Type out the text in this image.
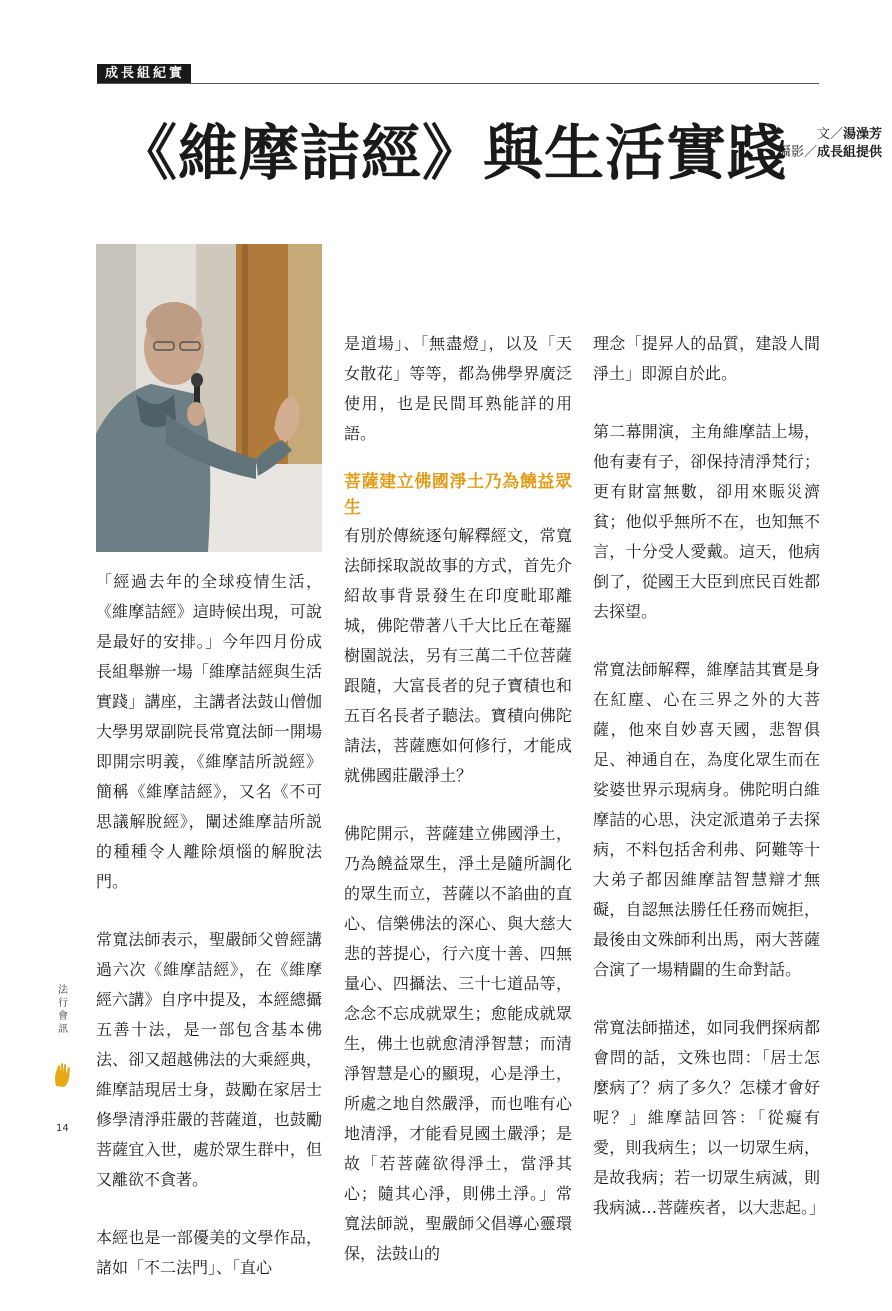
成長組紀實
《維摩詰經》與生活實踐	文／湯澡芳
攝影／成長組提供

「經過去年的全球疫情生活，《維摩詰經》這時候出現，可說是最好的安排。」今年四月份成長組舉辦一場「維摩詰經與生活實踐」講座，主講者法鼓山僧伽大學男眾副院長常寬法師一開場即開宗明義，《維摩詰所説經》簡稱《維摩詰經》，又名《不可思議解脫經》，闡述維摩詰所説的種種令人離除煩惱的解脫法門。

常寬法師表示，聖嚴師父曾經講過六次《維摩詰經》，在《維摩經六講》自序中提及，本經總攝五善十法，是一部包含基本佛法、卻又超越佛法的大乘經典，維摩詰現居士身，鼓勵在家居士修學清淨莊嚴的菩薩道，也鼓勵菩薩宜入世，處於眾生群中，但又離欲不貪著。

本經也是一部優美的文學作品，諸如「不二法門」、「直心

是道場」、「無盡燈」，以及「天女散花」等等，都為佛學界廣泛使用，也是民間耳熟能詳的用語。

菩薩建立佛國淨土乃為饒益眾生

有別於傳統逐句解釋經文，常寬法師採取説故事的方式，首先介紹故事背景發生在印度毗耶離城，佛陀帶著八千大比丘在菴羅樹園説法，另有三萬二千位菩薩跟隨，大富長者的兒子寶積也和五百名長者子聽法。寶積向佛陀請法，菩薩應如何修行，才能成就佛國莊嚴淨土？

佛陀開示，菩薩建立佛國淨土，乃為饒益眾生，淨土是隨所調化的眾生而立，菩薩以不諂曲的直心、信樂佛法的深心、與大慈大悲的菩提心，行六度十善、四無量心、四攝法、三十七道品等，念念不忘成就眾生；愈能成就眾生，佛土也就愈清淨智慧；而清淨智慧是心的顯現，心是淨土，所處之地自然嚴淨，而也唯有心地清淨，才能看見國土嚴淨；是故「若菩薩欲得淨土，當淨其心；隨其心淨，則佛土淨。」常寬法師説，聖嚴師父倡導心靈環保，法鼓山的

理念「提昇人的品質，建設人間淨土」即源自於此。

第二幕開演，主角維摩詰上場，他有妻有子，卻保持清淨梵行；更有財富無數，卻用來賑災濟貧；他似乎無所不在，也知無不言，十分受人愛戴。這天，他病倒了，從國王大臣到庶民百姓都去探望。

常寬法師解釋，維摩詰其實是身在紅塵、心在三界之外的大菩薩，他來自妙喜天國，悲智俱足、神通自在，為度化眾生而在娑婆世界示現病身。佛陀明白維摩詰的心思，決定派遣弟子去探病，不料包括舍利弗、阿難等十大弟子都因維摩詰智慧辯才無礙，自認無法勝任任務而婉拒，最後由文殊師利出馬，兩大菩薩合演了一場精闢的生命對話。

常寬法師描述，如同我們探病都會問的話，文殊也問：「居士怎麼病了？病了多久？怎樣才會好呢？」維摩詰回答：「從癡有愛，則我病生；以一切眾生病，是故我病；若一切眾生病滅，則我病滅…菩薩疾者，以大悲起。」

法
行
會
訊
14
